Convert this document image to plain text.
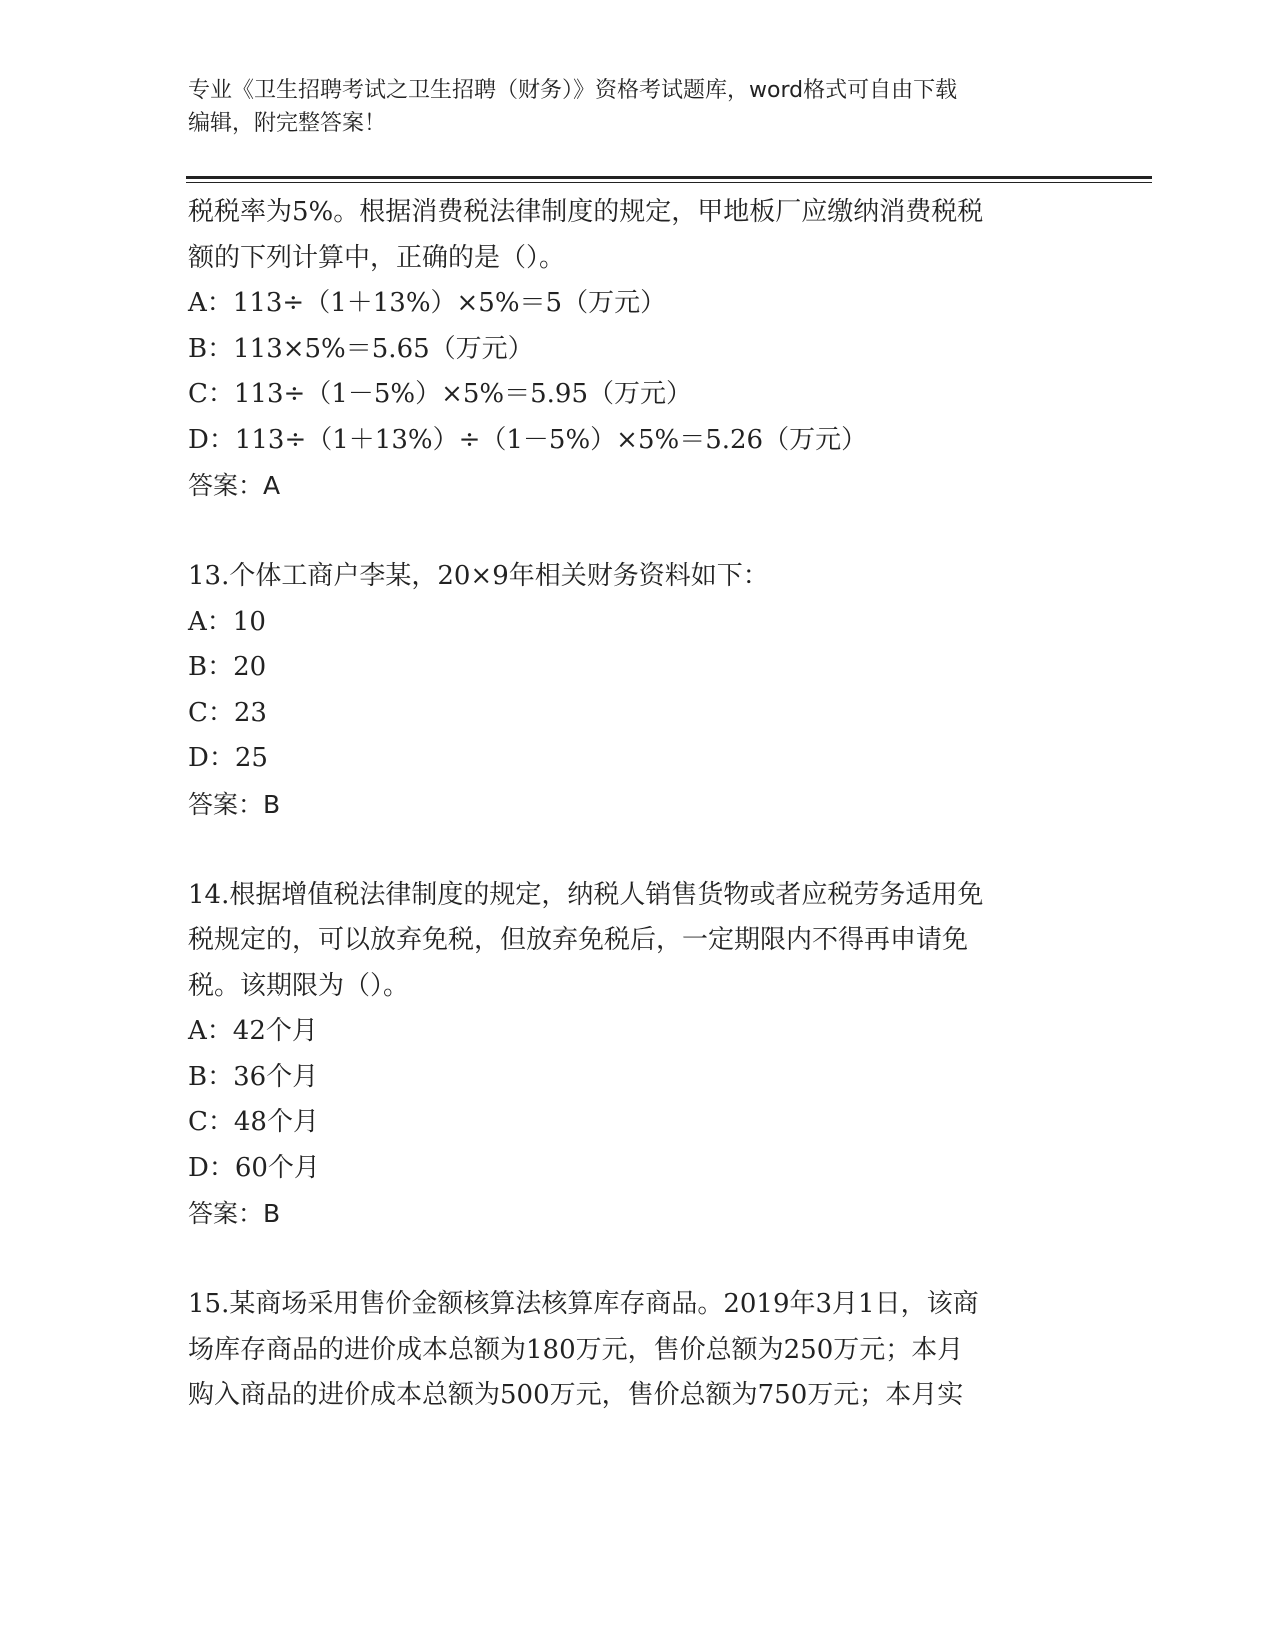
专业《卫生招聘考试之卫生招聘（财务）》资格考试题库，word格式可自由下载
编辑，附完整答案！
税税率为5%。根据消费税法律制度的规定，甲地板厂应缴纳消费税税
额的下列计算中，正确的是（）。
A：113÷（1＋13%）×5%＝5（万元）
B：113×5%＝5.65（万元）
C：113÷（1－5%）×5%＝5.95（万元）
D：113÷（1＋13%）÷（1－5%）×5%＝5.26（万元）
答案：A
13.个体工商户李某，20×9年相关财务资料如下：
A：10
B：20
C：23
D：25
答案：B
14.根据增值税法律制度的规定，纳税人销售货物或者应税劳务适用免
税规定的，可以放弃免税，但放弃免税后，一定期限内不得再申请免
税。该期限为（）。
A：42个月
B：36个月
C：48个月
D：60个月
答案：B
15.某商场采用售价金额核算法核算库存商品。2019年3月1日，该商
场库存商品的进价成本总额为180万元，售价总额为250万元；本月
购入商品的进价成本总额为500万元，售价总额为750万元；本月实
